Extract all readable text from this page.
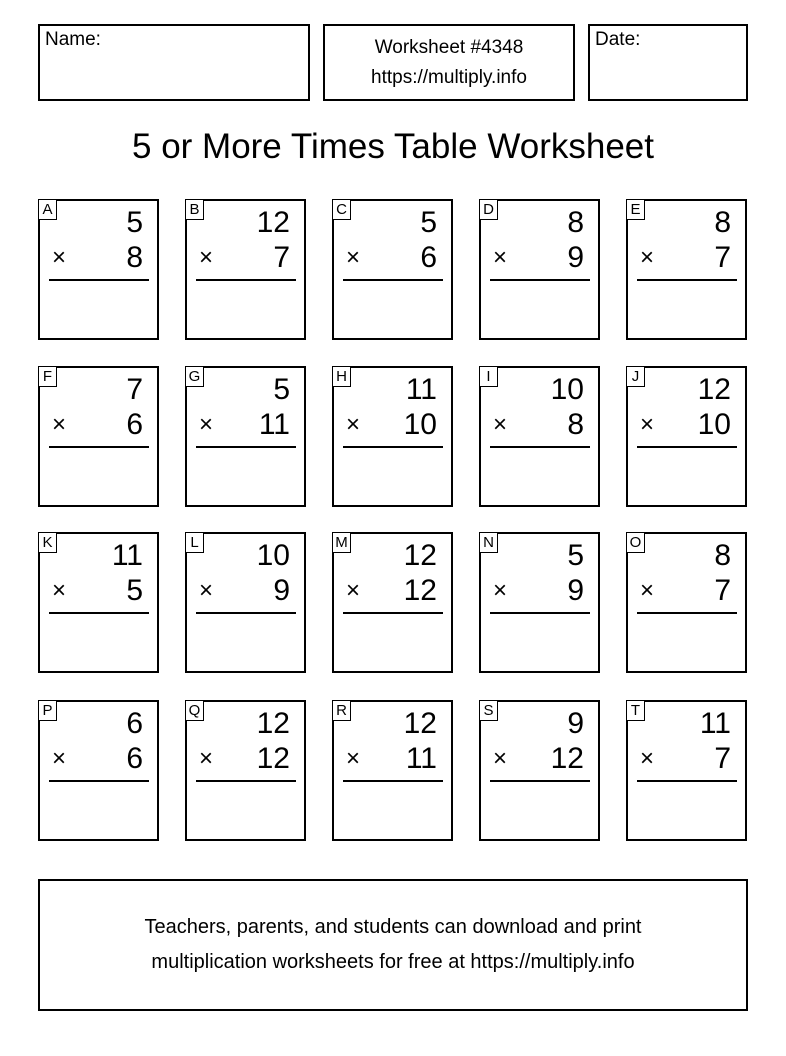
Name:	Worksheet #4348
https://multiply.info
Date:
5 or More Times Table Worksheet
A 5
× 8
B 12
× 7
C 5
× 6
D 8
× 9
E 8
× 7
F 7
× 6
G 5
× 11
H 11
× 10
I 10
× 8
J 12
× 10
K 11
× 5
L 10
× 9
M 12
× 12
N 5
× 9
O 8
× 7
P 6
× 6
Q 12
× 12
R 12
× 11
S 9
× 12
T 11
× 7
Teachers, parents, and students can download and print
multiplication worksheets for free at https://multiply.info
